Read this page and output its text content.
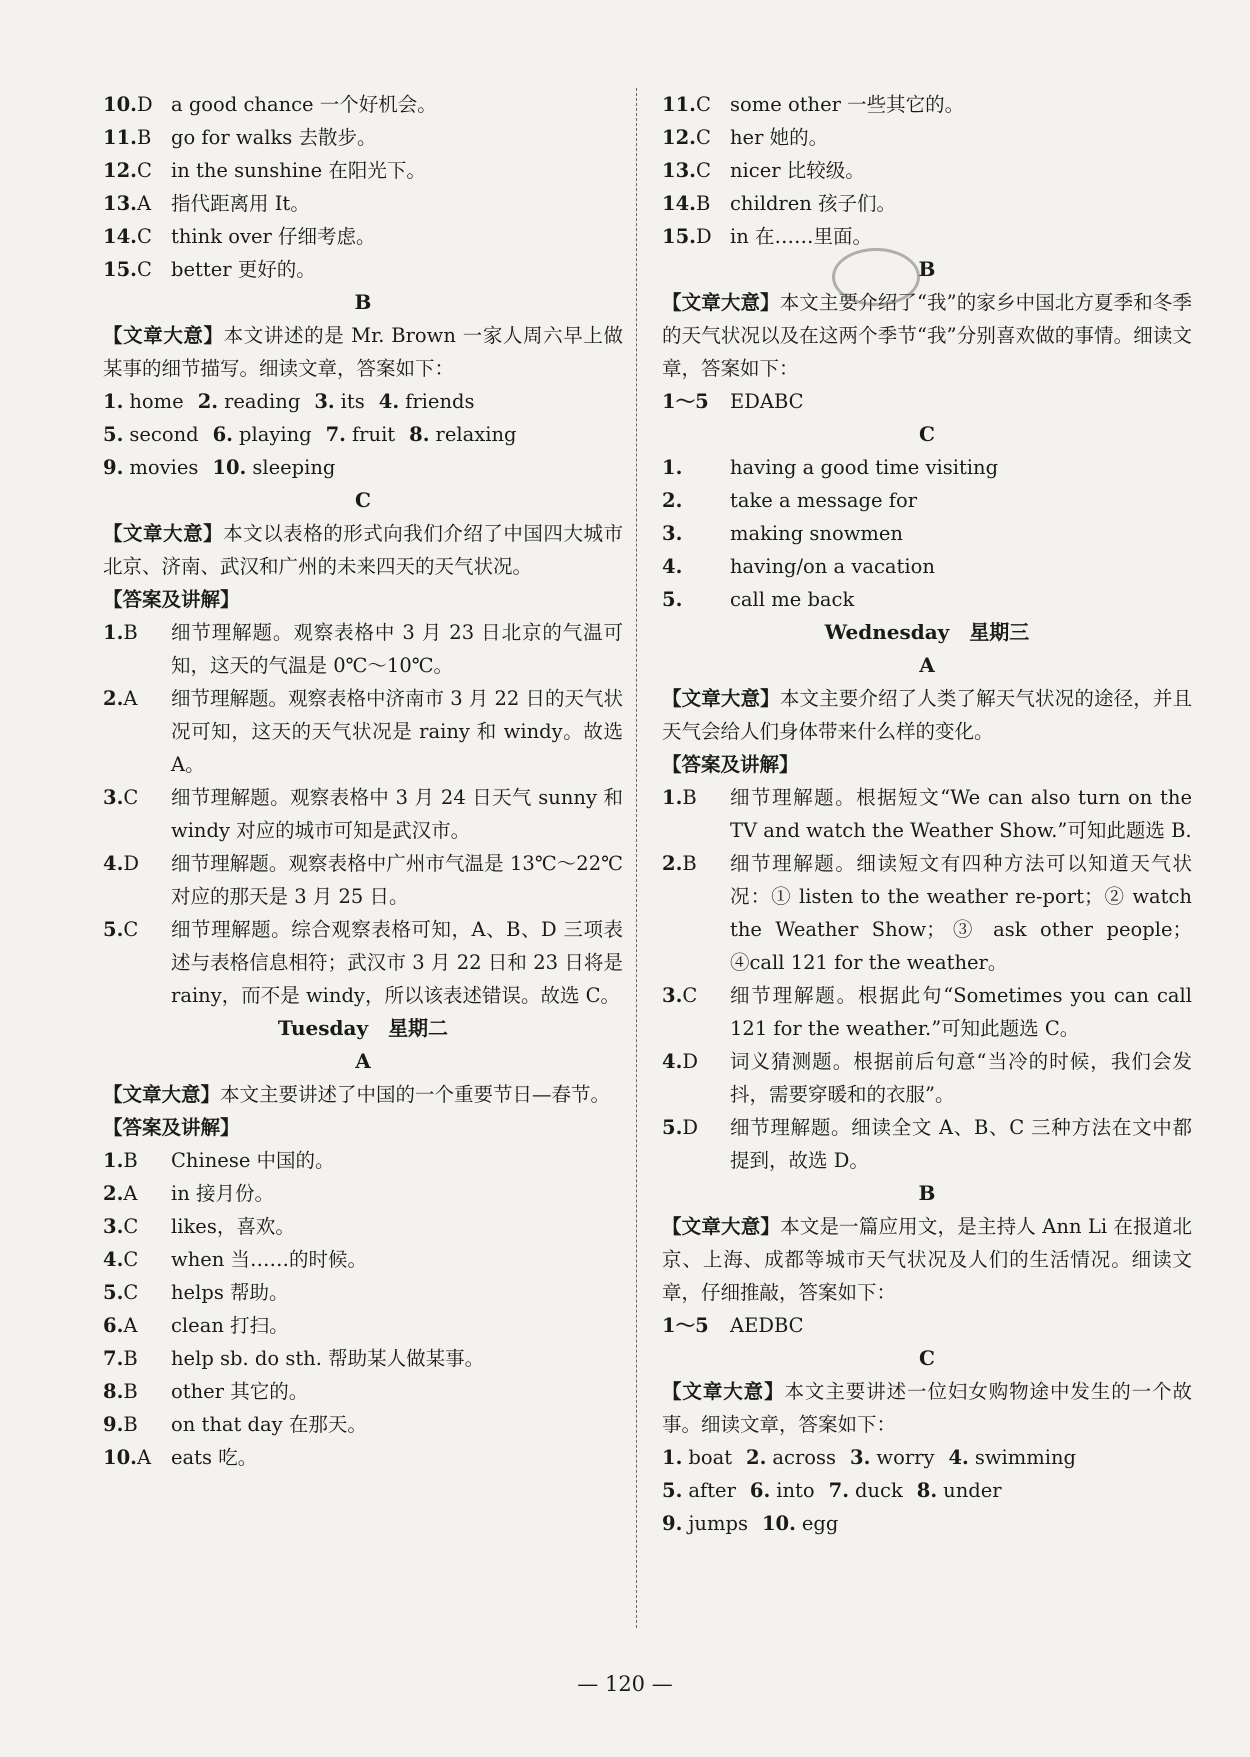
10.D a good chance 一个好机会。
11.B	go for walks 去散步。
12.C in the sunshine 在阳光下。
13.A	指代距离用 It。
14.C think over 仔细考虑。
15.C better 更好的。
B
【文章大意】本文讲述的是 Mr. Brown 一家人周六早上做某事的细节描写。细读文章，答案如下：
1. home 2. reading 3. its 4. friends
5. second 6. playing 7. fruit 8. relaxing
9. movies 10. sleeping
C
【文章大意】本文以表格的形式向我们介绍了中国四大城市北京、济南、武汉和广州的未来四天的天气状况。
【答案及讲解】
1.B	细节理解题。观察表格中 3 月 23 日北京的气温可知，这天的气温是 0℃～10℃。
2.A	细节理解题。观察表格中济南市 3 月 22 日的天气状况可知，这天的天气状况是 rainy 和 windy。故选 A。
3.C	细节理解题。观察表格中 3 月 24 日天气 sunny 和 windy 对应的城市可知是武汉市。
4.D	细节理解题。观察表格中广州市气温是 13℃～22℃对应的那天是 3 月 25 日。
5.C	细节理解题。综合观察表格可知，A、B、D 三项表述与表格信息相符；武汉市 3 月 22 日和 23 日将是 rainy，而不是 windy，所以该表述错误。故选 C。
Tuesday 星期二
A
【文章大意】本文主要讲述了中国的一个重要节日—春节。
【答案及讲解】
1.B	Chinese 中国的。
2.A	in 接月份。
3.C	likes，喜欢。
4.C	when 当……的时候。
5.C	helps 帮助。
6.A	clean 打扫。
7.B	help sb. do sth. 帮助某人做某事。
8.B	other 其它的。
9.B	on that day 在那天。
10.A	eats 吃。
11.C some other 一些其它的。
12.C her 她的。
13.C nicer 比较级。
14.B	children 孩子们。
15.D in 在……里面。
B
【文章大意】本文主要介绍了“我”的家乡中国北方夏季和冬季的天气状况以及在这两个季节“我”分别喜欢做的事情。细读文章，答案如下：
1～5 EDABC
C
1.	having a good time visiting
2.	take a message for
3.	making snowmen
4.	having/on a vacation
5.	call me back
Wednesday 星期三
A
【文章大意】本文主要介绍了人类了解天气状况的途径，并且天气会给人们身体带来什么样的变化。
【答案及讲解】
1.B	细节理解题。根据短文“We can also turn on the TV and watch the Weather Show.”可知此题选 B.
2.B	细节理解题。细读短文有四种方法可以知道天气状况：① listen to the weather re-port；② watch the Weather Show；③ ask other people；④call 121 for the weather。
3.C	细节理解题。根据此句“Sometimes you can call 121 for the weather.”可知此题选 C。
4.D	词义猜测题。根据前后句意“当冷的时候，我们会发抖，需要穿暖和的衣服”。
5.D	细节理解题。细读全文 A、B、C 三种方法在文中都提到，故选 D。
B
【文章大意】本文是一篇应用文，是主持人 Ann Li 在报道北京、上海、成都等城市天气状况及人们的生活情况。细读文章，仔细推敲，答案如下：
1～5 AEDBC
C
【文章大意】本文主要讲述一位妇女购物途中发生的一个故事。细读文章，答案如下：
1. boat 2. across 3. worry 4. swimming
5. after 6. into 7. duck 8. under
9. jumps 10. egg
— 120 —
